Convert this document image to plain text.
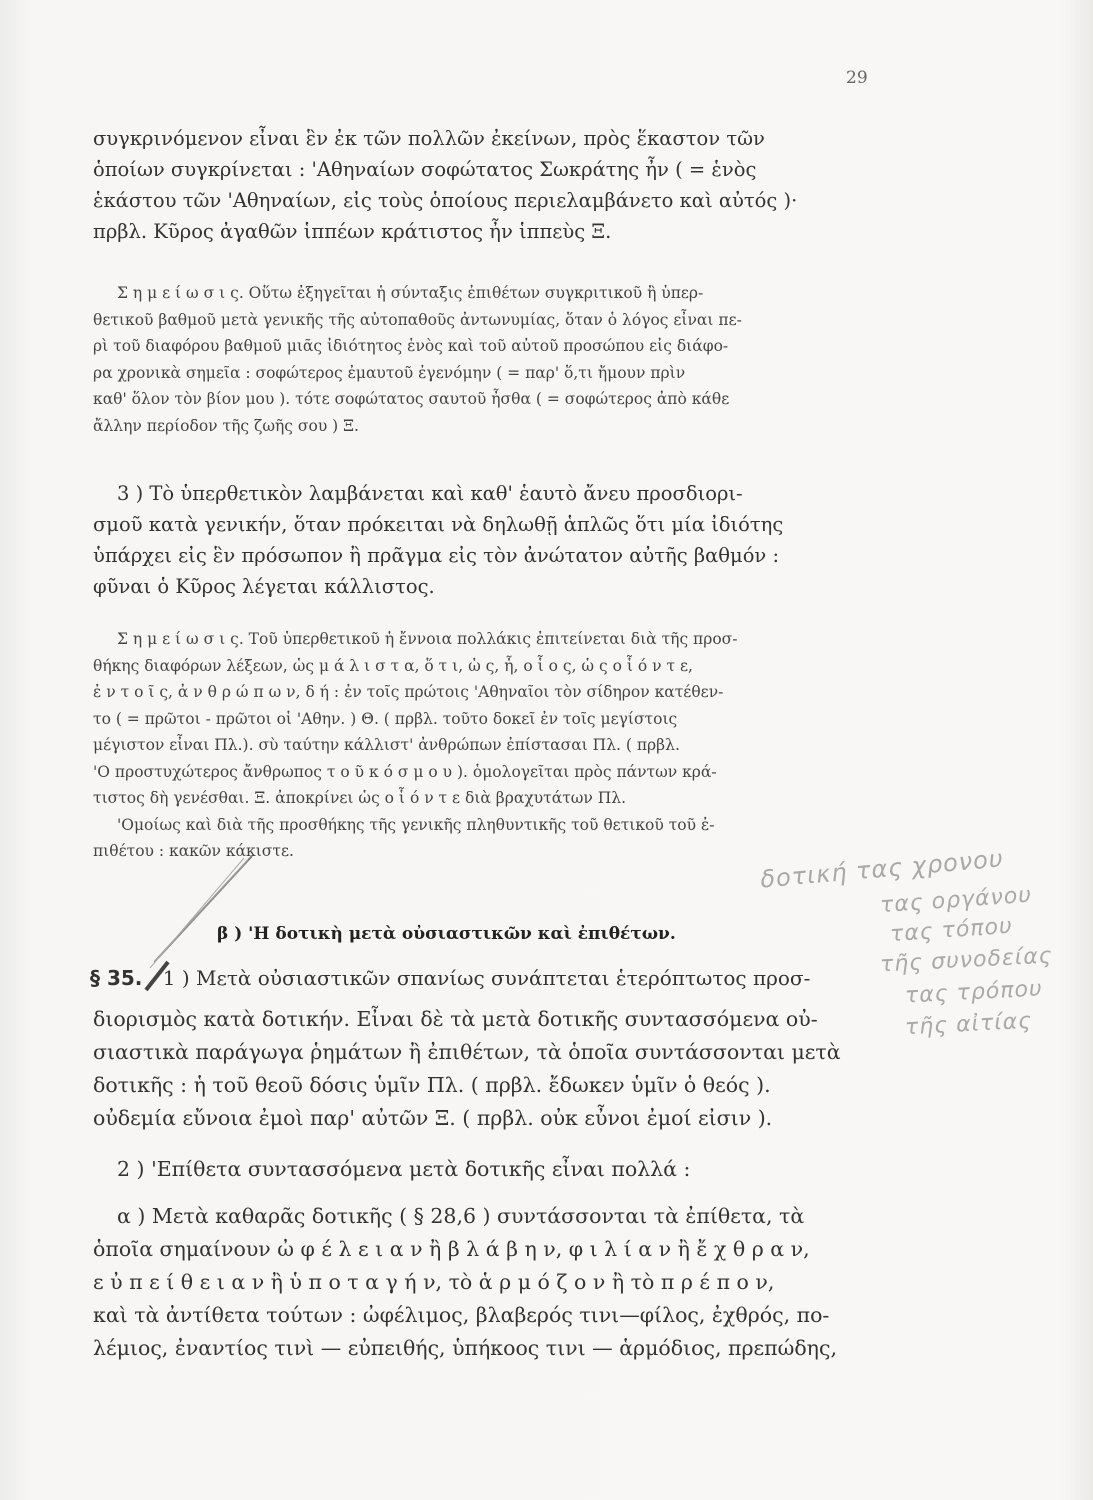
29
συγκρινόμενον εἶναι ἓν ἐκ τῶν πολλῶν ἐκείνων, πρὸς ἕκαστον τῶν
ὁποίων συγκρίνεται : 'Αθηναίων σοφώτατος Σωκράτης ἦν ( = ἑνὸς
ἑκάστου τῶν 'Αθηναίων, εἰς τοὺς ὁποίους περιελαμβάνετο καὶ αὐτός )·
πρβλ. Κῦρος ἀγαθῶν ἱππέων κράτιστος ἦν ἱππεὺς Ξ.
Σ η μ ε ί ω σ ι ς. Οὕτω ἐξηγεῖται ἡ σύνταξις ἐπιθέτων συγκριτικοῦ ἢ ὑπερ-
θετικοῦ βαθμοῦ μετὰ γενικῆς τῆς αὐτοπαθοῦς ἀντωνυμίας, ὅταν ὁ λόγος εἶναι πε-
ρὶ τοῦ διαφόρου βαθμοῦ μιᾶς ἰδιότητος ἑνὸς καὶ τοῦ αὐτοῦ προσώπου εἰς διάφο-
ρα χρονικὰ σημεῖα : σοφώτερος ἐμαυτοῦ ἐγενόμην ( = παρ' ὅ,τι ἤμουν πρὶν
καθ' ὅλον τὸν βίον μου ). τότε σοφώτατος σαυτοῦ ἦσθα ( = σοφώτερος ἀπὸ κάθε
ἄλλην περίοδον τῆς ζωῆς σου ) Ξ.
3 ) Τὸ ὑπερθετικὸν λαμβάνεται καὶ καθ' ἑαυτὸ ἄνευ προσδιορι-
σμοῦ κατὰ γενικήν, ὅταν πρόκειται νὰ δηλωθῇ ἁπλῶς ὅτι μία ἰδιότης
ὑπάρχει εἰς ἓν πρόσωπον ἢ πρᾶγμα εἰς τὸν ἀνώτατον αὐτῆς βαθμόν :
φῦναι ὁ Κῦρος λέγεται κάλλιστος.
Σ η μ ε ί ω σ ι ς. Τοῦ ὑπερθετικοῦ ἡ ἔννοια πολλάκις ἐπιτείνεται διὰ τῆς προσ-
θήκης διαφόρων λέξεων, ὡς μ ά λ ι σ τ α, ὅ τ ι, ὡ ς, ἧ, ο ἷ ο ς, ὡ ς ο ἷ ό ν τ ε,
ἐ ν τ ο ῖ ς, ἀ ν θ ρ ώ π ω ν, δ ή : ἐν τοῖς πρώτοις 'Αθηναῖοι τὸν σίδηρον κατέθεν-
το ( = πρῶτοι - πρῶτοι οἱ 'Αθην. ) Θ. ( πρβλ. τοῦτο δοκεῖ ἐν τοῖς μεγίστοις
μέγιστον εἶναι Πλ.). σὺ ταύτην κάλλιστ' ἀνθρώπων ἐπίστασαι Πλ. ( πρβλ.
'Ο προστυχώτερος ἄνθρωπος τ ο ῦ κ ό σ μ ο υ ). ὁμολογεῖται πρὸς πάντων κρά-
τιστος δὴ γενέσθαι. Ξ. ἀποκρίνει ὡς ο ἷ ό ν τ ε διὰ βραχυτάτων Πλ.
'Ομοίως καὶ διὰ τῆς προσθήκης τῆς γενικῆς πληθυντικῆς τοῦ θετικοῦ τοῦ ἐ-
πιθέτου : κακῶν κάκιστε.
β ) 'Η δοτικὴ μετὰ οὐσιαστικῶν καὶ ἐπιθέτων.
§ 35. 1 ) Μετὰ οὐσιαστικῶν σπανίως συνάπτεται ἑτερόπτωτος προσ-
διορισμὸς κατὰ δοτικήν. Εἶναι δὲ τὰ μετὰ δοτικῆς συντασσόμενα οὐ-
σιαστικὰ παράγωγα ῥημάτων ἢ ἐπιθέτων, τὰ ὁποῖα συντάσσονται μετὰ
δοτικῆς : ἡ τοῦ θεοῦ δόσις ὑμῖν Πλ. ( πρβλ. ἔδωκεν ὑμῖν ὁ θεός ).
οὐδεμία εὔνοια ἐμοὶ παρ' αὐτῶν Ξ. ( πρβλ. οὐκ εὖνοι ἐμοί εἰσιν ).
2 ) 'Επίθετα συντασσόμενα μετὰ δοτικῆς εἶναι πολλά :
α ) Μετὰ καθαρᾶς δοτικῆς ( § 28,6 ) συντάσσονται τὰ ἐπίθετα, τὰ
ὁποῖα σημαίνουν ὠ φ έ λ ε ι α ν ἢ β λ ά β η ν, φ ι λ ί α ν ἢ ἔ χ θ ρ α ν,
ε ὐ π ε ί θ ε ι α ν ἢ ὑ π ο τ α γ ή ν, τὸ ἁ ρ μ ό ζ ο ν ἢ τὸ π ρ έ π ο ν,
καὶ τὰ ἀντίθετα τούτων : ὠφέλιμος, βλαβερός τινι—φίλος, ἐχθρός, πο-
λέμιος, ἐναντίος τινὶ — εὐπειθής, ὑπήκοος τινι — ἁρμόδιος, πρεπώδης,
δοτική τας χρονου
τας οργάνου
τας τόπου
τῆς συνοδείας
τας τρόπου
τῆς αἰτίας
